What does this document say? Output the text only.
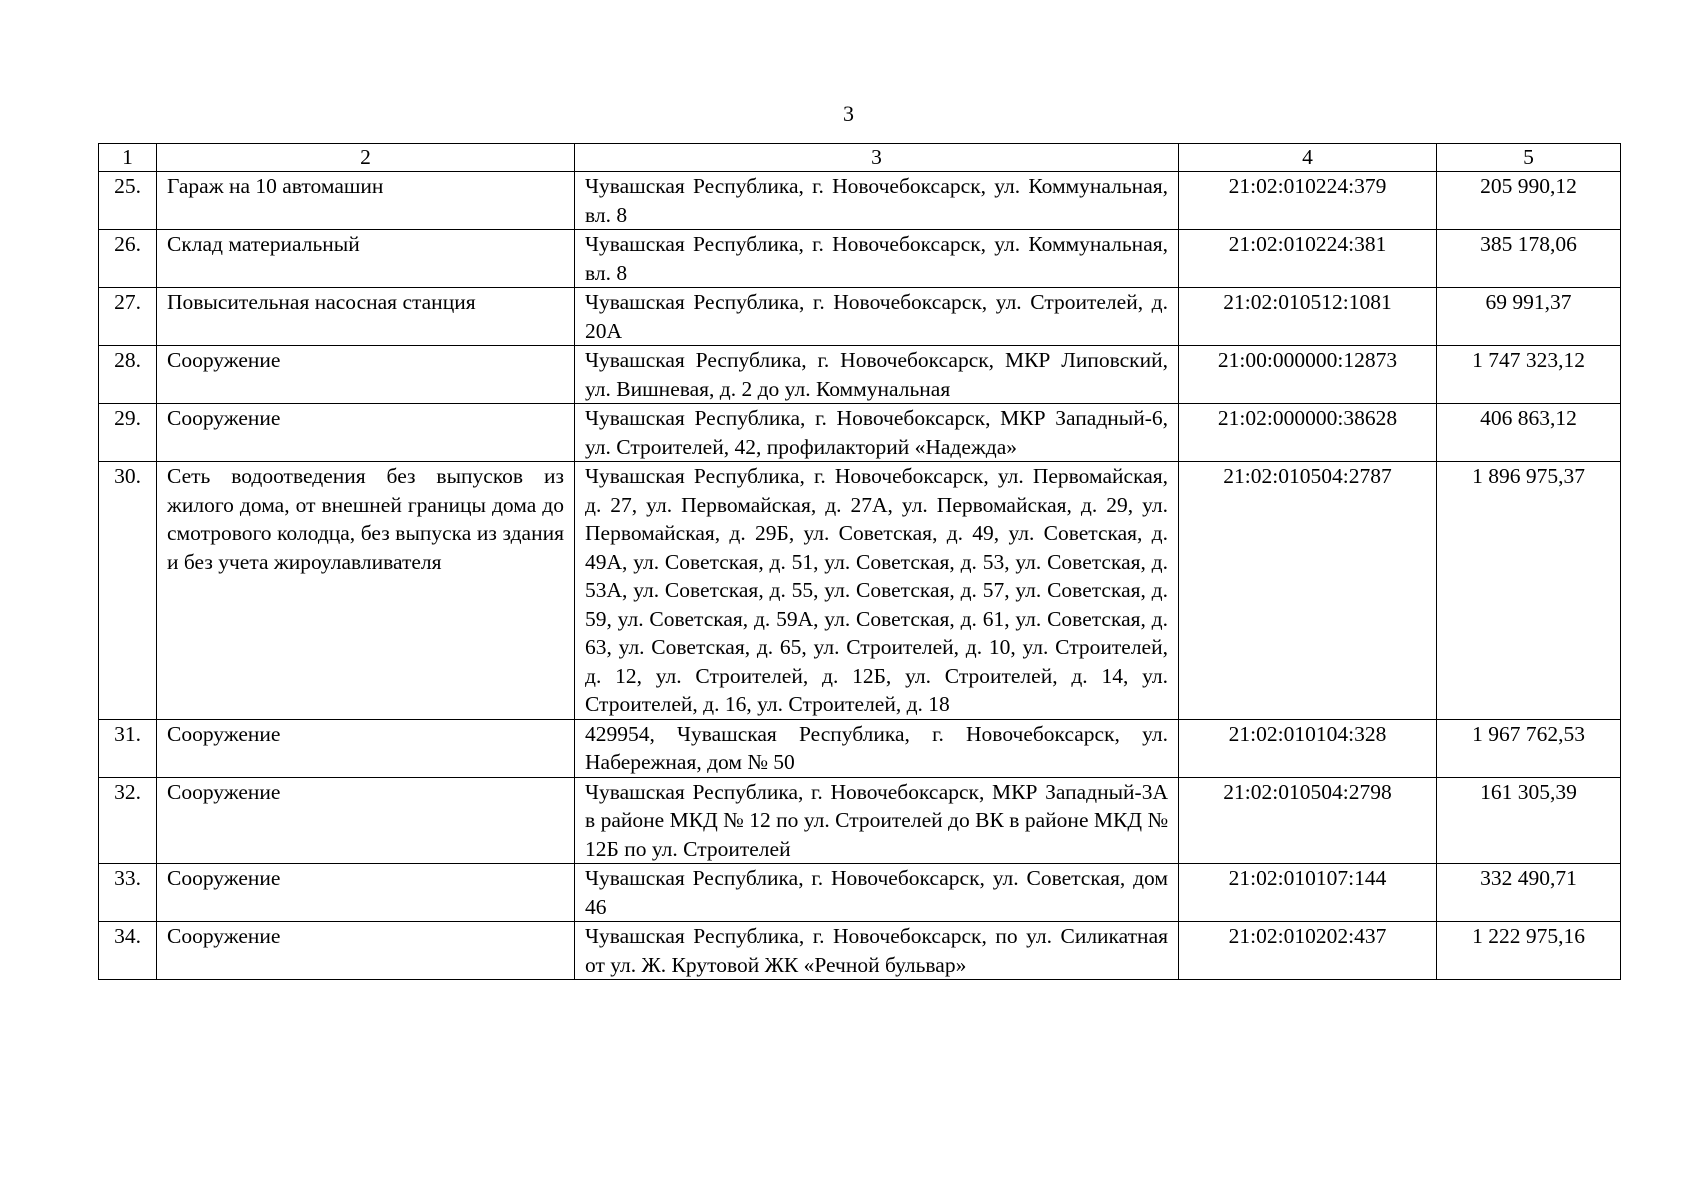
3
1	2	3	4	5
25.	Гараж на 10 автомашин	Чувашская Республика, г. Новочебоксарск, ул. Коммунальная, вл. 8	21:02:010224:379	205 990,12
26.	Склад материальный	Чувашская Республика, г. Новочебоксарск, ул. Коммунальная, вл. 8	21:02:010224:381	385 178,06
27.	Повысительная насосная станция	Чувашская Республика, г. Новочебоксарск, ул. Строителей, д. 20А	21:02:010512:1081	69 991,37
28.	Сооружение	Чувашская Республика, г. Новочебоксарск, МКР Липовский, ул. Вишневая, д. 2 до ул. Коммунальная	21:00:000000:12873	1 747 323,12
29.	Сооружение	Чувашская Республика, г. Новочебоксарск, МКР Западный-6, ул. Строителей, 42, профилакторий «Надежда»	21:02:000000:38628	406 863,12
30.	Сеть водоотведения без выпусков из жилого дома, от внешней границы дома до смотрового колодца, без выпуска из здания и без учета жироулавливателя	Чувашская Республика, г. Новочебоксарск, ул. Первомайская, д. 27, ул. Первомайская, д. 27А, ул. Первомайская, д. 29, ул. Первомайская, д. 29Б, ул. Советская, д. 49, ул. Советская, д. 49А, ул. Советская, д. 51, ул. Советская, д. 53, ул. Советская, д. 53А, ул. Советская, д. 55, ул. Советская, д. 57, ул. Советская, д. 59, ул. Советская, д. 59А, ул. Советская, д. 61, ул. Советская, д. 63, ул. Советская, д. 65, ул. Строителей, д. 10, ул. Строителей, д. 12, ул. Строителей, д. 12Б, ул. Строителей, д. 14, ул. Строителей, д. 16, ул. Строителей, д. 18	21:02:010504:2787	1 896 975,37
31.	Сооружение	429954, Чувашская Республика, г. Новочебоксарск, ул. Набережная, дом № 50	21:02:010104:328	1 967 762,53
32.	Сооружение	Чувашская Республика, г. Новочебоксарск, МКР Западный-3А в районе МКД № 12 по ул. Строителей до ВК в районе МКД № 12Б по ул. Строителей	21:02:010504:2798	161 305,39
33.	Сооружение	Чувашская Республика, г. Новочебоксарск, ул. Советская, дом 46	21:02:010107:144	332 490,71
34.	Сооружение	Чувашская Республика, г. Новочебоксарск, по ул. Силикатная от ул. Ж. Крутовой ЖК «Речной бульвар»	21:02:010202:437	1 222 975,16
